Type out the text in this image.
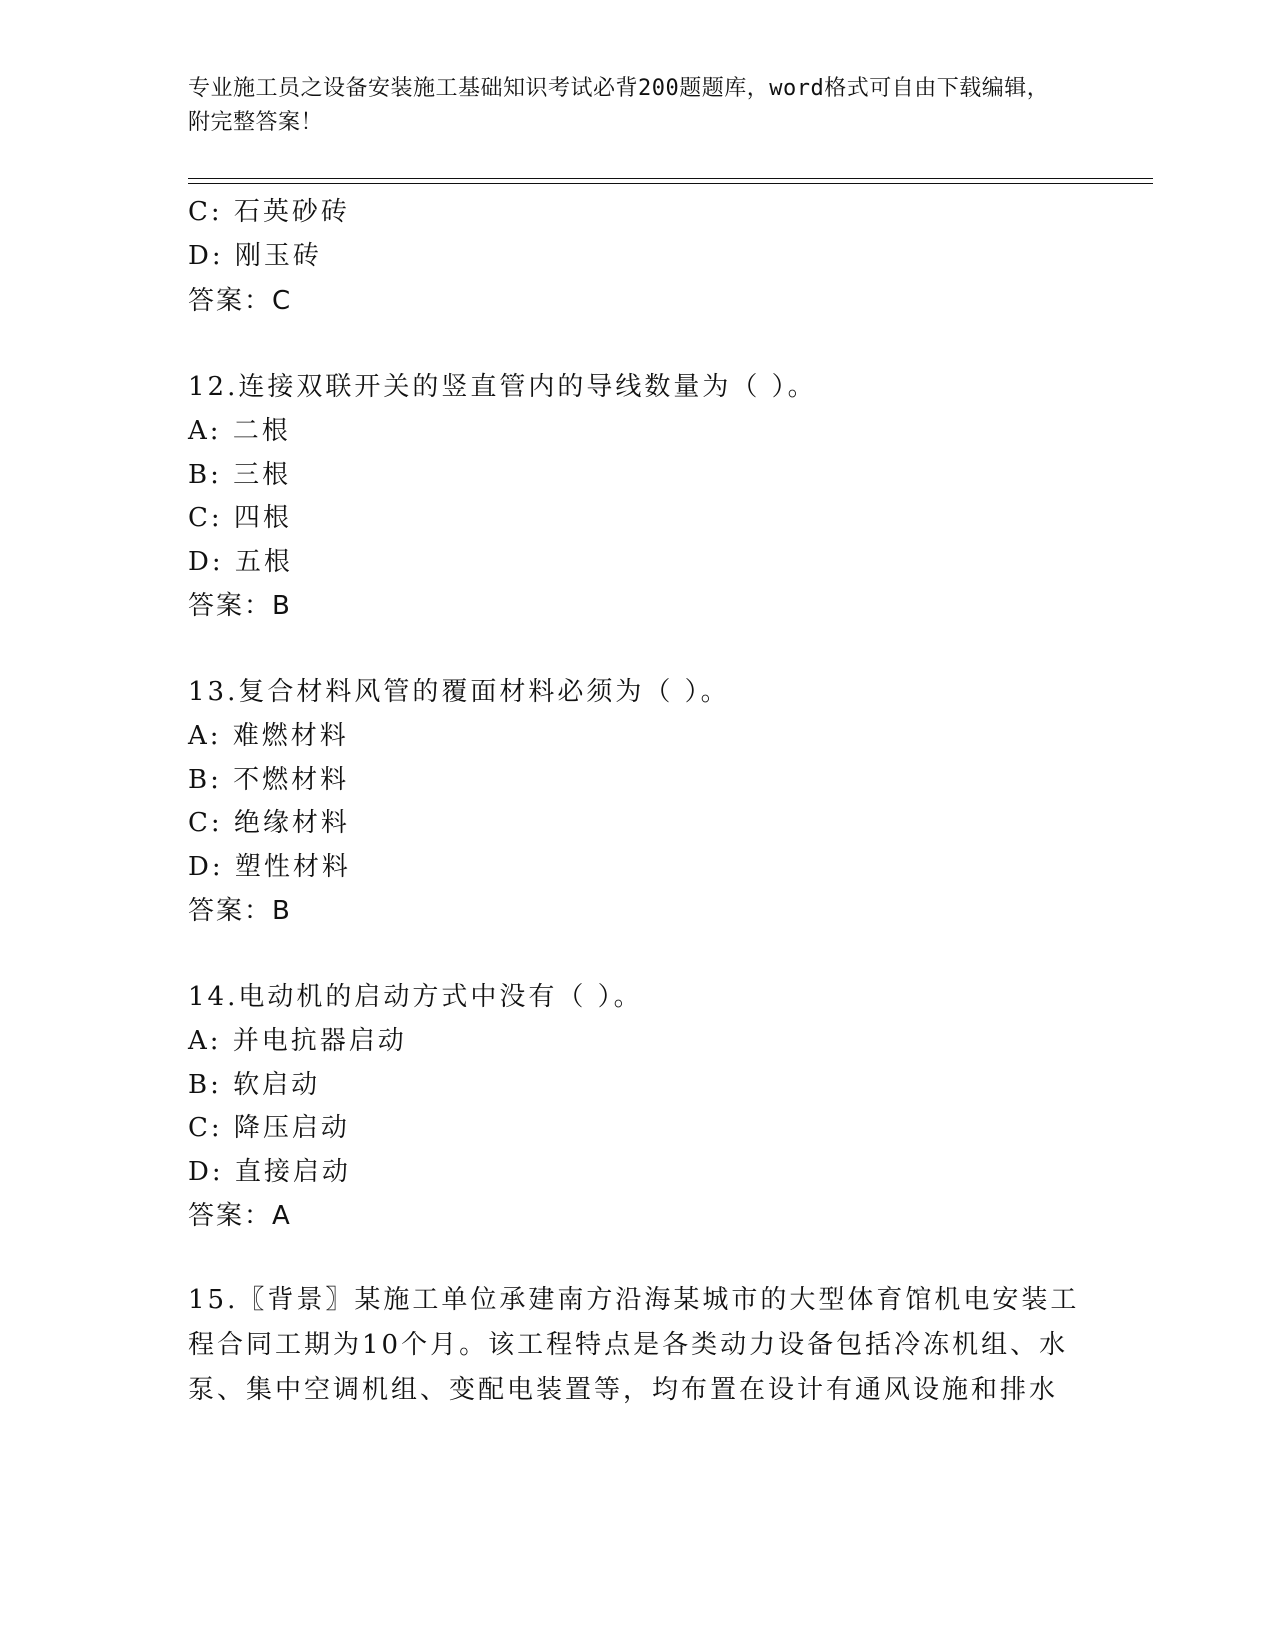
专业施工员之设备安装施工基础知识考试必背200题题库，word格式可自由下载编辑，附完整答案！
C: 石英砂砖
D: 刚玉砖
答案：C
12.连接双联开关的竖直管内的导线数量为（ ）。
A: 二根
B: 三根
C: 四根
D: 五根
答案：B
13.复合材料风管的覆面材料必须为（ ）。
A: 难燃材料
B: 不燃材料
C: 绝缘材料
D: 塑性材料
答案：B
14.电动机的启动方式中没有（ ）。
A: 并电抗器启动
B: 软启动
C: 降压启动
D: 直接启动
答案：A
15.〖背景〗某施工单位承建南方沿海某城市的大型体育馆机电安装工程合同工期为10个月。该工程特点是各类动力设备包括冷冻机组、水泵、集中空调机组、变配电装置等，均布置在设计有通风设施和排水
